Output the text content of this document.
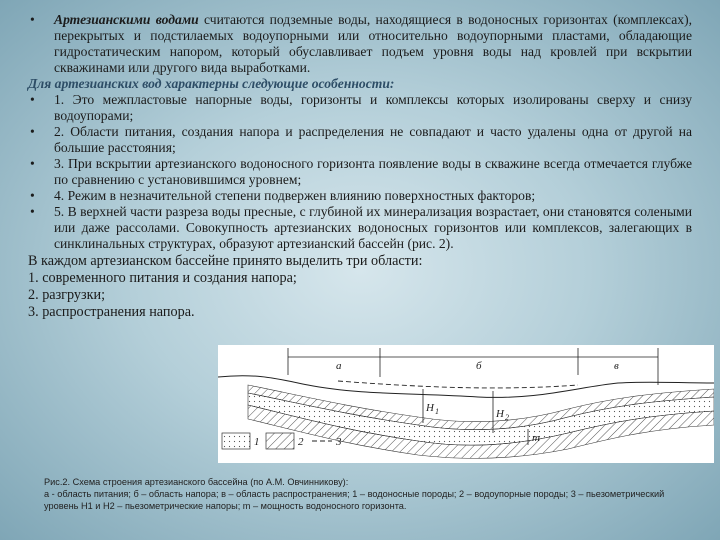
• Артезианскими водами считаются подземные воды, находящиеся в водоносных горизонтах (комплексах), перекрытых и подстилаемых водоупорными или относительно водоупорными пластами, обладающие гидростатическим напором, который обуславливает подъем уровня воды над кровлей при вскрытии скважинами или другого вида выработками.
Для артезианских вод характерны следующие особенности:
• 1. Это межпластовые напорные воды, горизонты и комплексы которых изолированы сверху и снизу водоупорами;
• 2. Области питания, создания напора и распределения не совпадают и часто удалены одна от другой на большие расстояния;
• 3. При вскрытии артезианского водоносного горизонта появление воды в скважине всегда отмечается глубже по сравнению с установившимся уровнем;
• 4. Режим в незначительной степени подвержен влиянию поверхностных факторов;
• 5. В верхней части разреза воды пресные, с глубиной их минерализация возрастает, они становятся солеными или даже рассолами. Совокупность артезианских водоносных горизонтов или комплексов, залегающих в синклинальных структурах, образуют артезианский бассейн (рис. 2).
В каждом артезианском бассейне принято выделить три области:
1. современного питания и создания напора;
2. разгрузки;
3. распространения напора.
а	б	в
H 1	H 2
m
1	2	3
Рис.2. Схема строения артезианского бассейна (по А.М. Овчинникову):
а - область питания; б – область напора; в – область распространения; 1 – водоносные породы; 2 – водоупорные породы; 3 – пьезометрический уровень Н1 и Н2 – пьезометрические напоры; m – мощность водоносного горизонта.
